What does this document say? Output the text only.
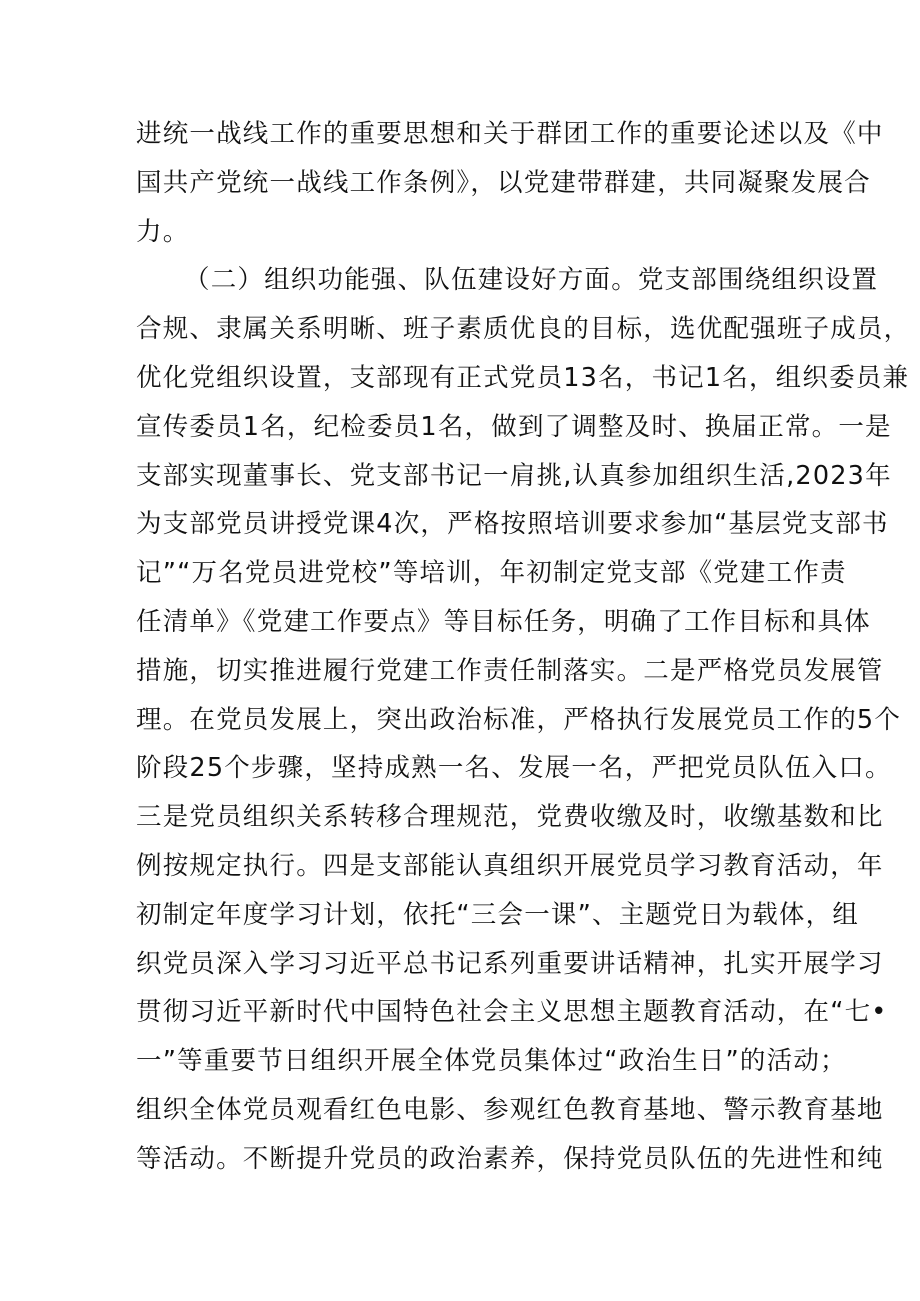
进统一战线工作的重要思想和关于群团工作的重要论述以及《中
国共产党统一战线工作条例》，以党建带群建，共同凝聚发展合
力。
（二）组织功能强、队伍建设好方面。党支部围绕组织设置
合规、隶属关系明晰、班子素质优良的目标，选优配强班子成员，
优化党组织设置，支部现有正式党员13名，书记1名，组织委员兼
宣传委员1名，纪检委员1名，做到了调整及时、换届正常。一是
支部实现董事长、党支部书记一肩挑,认真参加组织生活,2023年
为支部党员讲授党课4次，严格按照培训要求参加“基层党支部书
记”“万名党员进党校”等培训，年初制定党支部《党建工作责
任清单》《党建工作要点》等目标任务，明确了工作目标和具体
措施，切实推进履行党建工作责任制落实。二是严格党员发展管
理。在党员发展上，突出政治标准，严格执行发展党员工作的5个
阶段25个步骤，坚持成熟一名、发展一名，严把党员队伍入口。
三是党员组织关系转移合理规范，党费收缴及时，收缴基数和比
例按规定执行。四是支部能认真组织开展党员学习教育活动，年
初制定年度学习计划，依托“三会一课”、主题党日为载体，组
织党员深入学习习近平总书记系列重要讲话精神，扎实开展学习
贯彻习近平新时代中国特色社会主义思想主题教育活动，在“七•
一”等重要节日组织开展全体党员集体过“政治生日”的活动；
组织全体党员观看红色电影、参观红色教育基地、警示教育基地
等活动。不断提升党员的政治素养，保持党员队伍的先进性和纯
